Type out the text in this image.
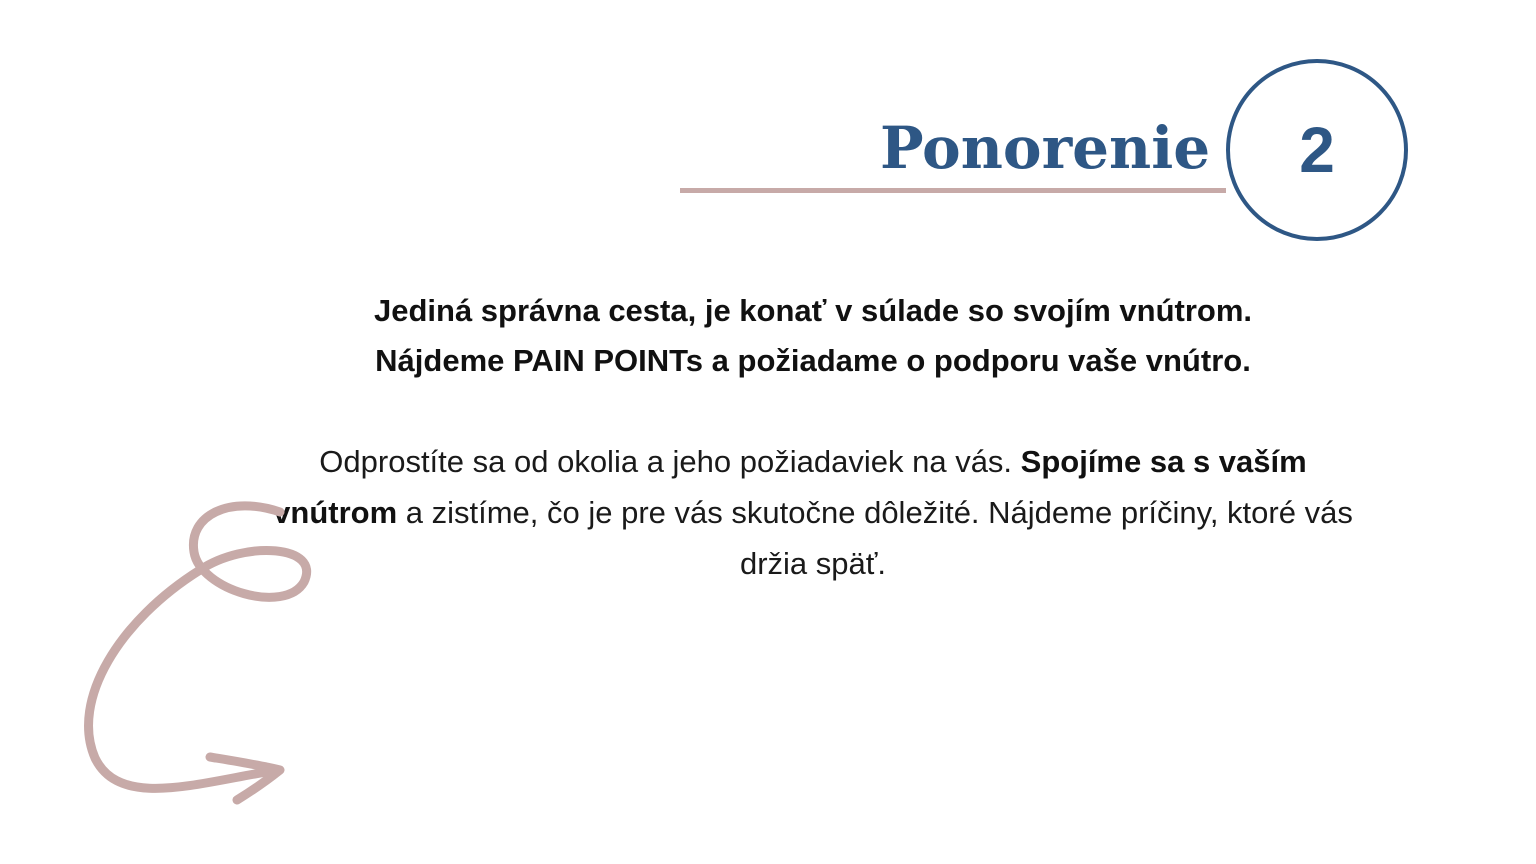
Ponorenie	2
Jediná správna cesta, je konať v súlade so svojím vnútrom.
Nájdeme PAIN POINTs a požiadame o podporu vaše vnútro.
Odprostíte sa od okolia a jeho požiadaviek na vás. Spojíme sa s vaším vnútrom a zistíme, čo je pre vás skutočne dôležité. Nájdeme príčiny, ktoré vás držia späť.
